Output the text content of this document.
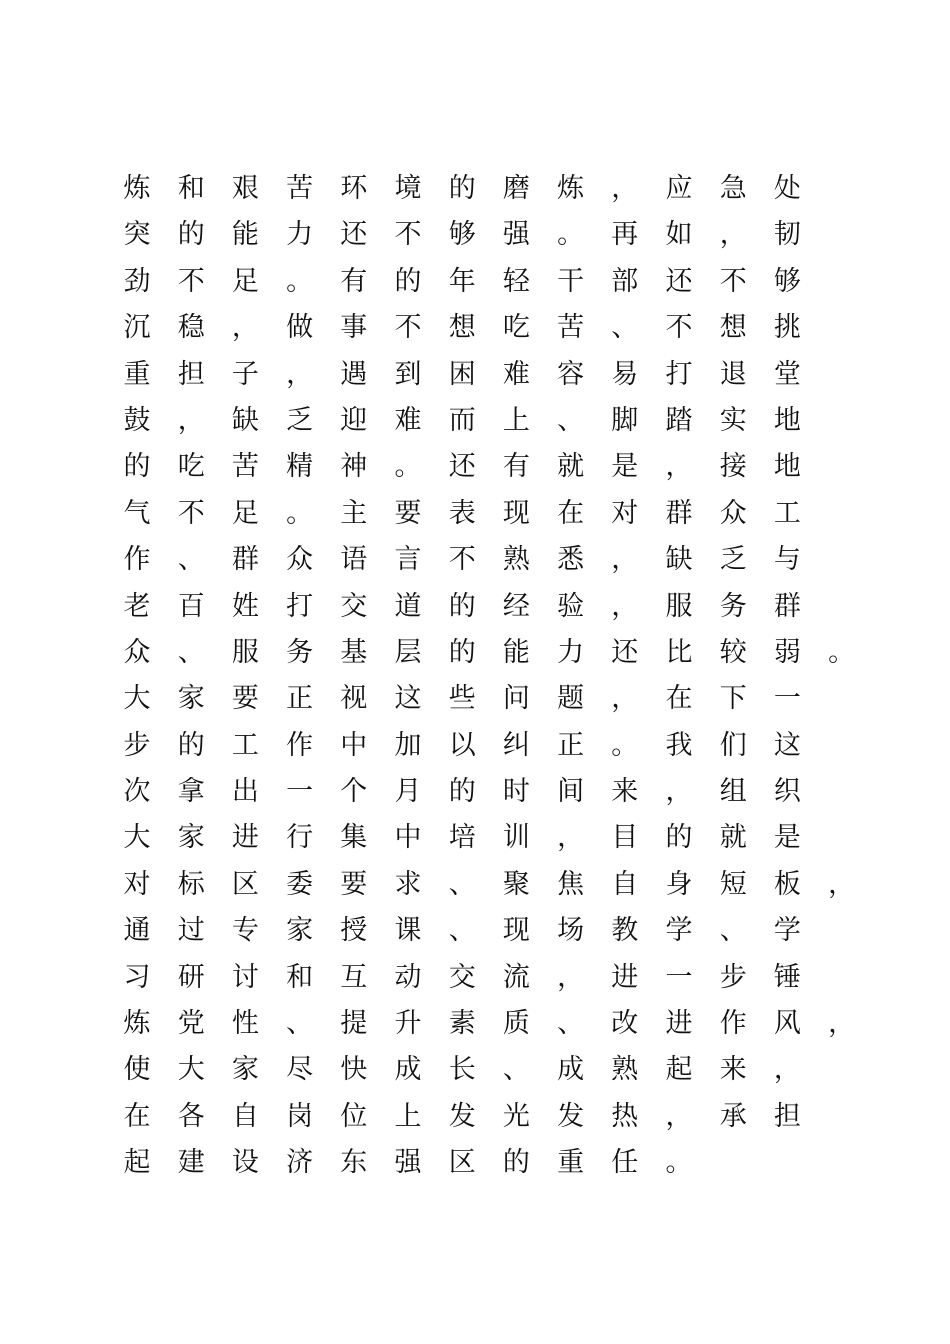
炼 和 艰 苦 环 境 的 磨 炼 ， 应 急 处
突 的 能 力 还 不 够 强 。 再 如 ， 韧
劲 不 足 。 有 的 年 轻 干 部 还 不 够
沉 稳 ， 做 事 不 想 吃 苦 、 不 想 挑
重 担 子 ， 遇 到 困 难 容 易 打 退 堂
鼓 ， 缺 乏 迎 难 而 上 、 脚 踏 实 地
的 吃 苦 精 神 。 还 有 就 是 ， 接 地
气 不 足 。 主 要 表 现 在 对 群 众 工
作 、 群 众 语 言 不 熟 悉 ， 缺 乏 与
老 百 姓 打 交 道 的 经 验 ， 服 务 群
众 、 服 务 基 层 的 能 力 还 比 较 弱 。
大 家 要 正 视 这 些 问 题 ， 在 下 一
步 的 工 作 中 加 以 纠 正 。 我 们 这
次 拿 出 一 个 月 的 时 间 来 ， 组 织
大 家 进 行 集 中 培 训 ， 目 的 就 是
对 标 区 委 要 求 、 聚 焦 自 身 短 板 ，
通 过 专 家 授 课 、 现 场 教 学 、 学
习 研 讨 和 互 动 交 流 ， 进 一 步 锤
炼 党 性 、 提 升 素 质 、 改 进 作 风 ，
使 大 家 尽 快 成 长 、 成 熟 起 来 ，
在 各 自 岗 位 上 发 光 发 热 ， 承 担
起 建 设 济 东 强 区 的 重 任 。
